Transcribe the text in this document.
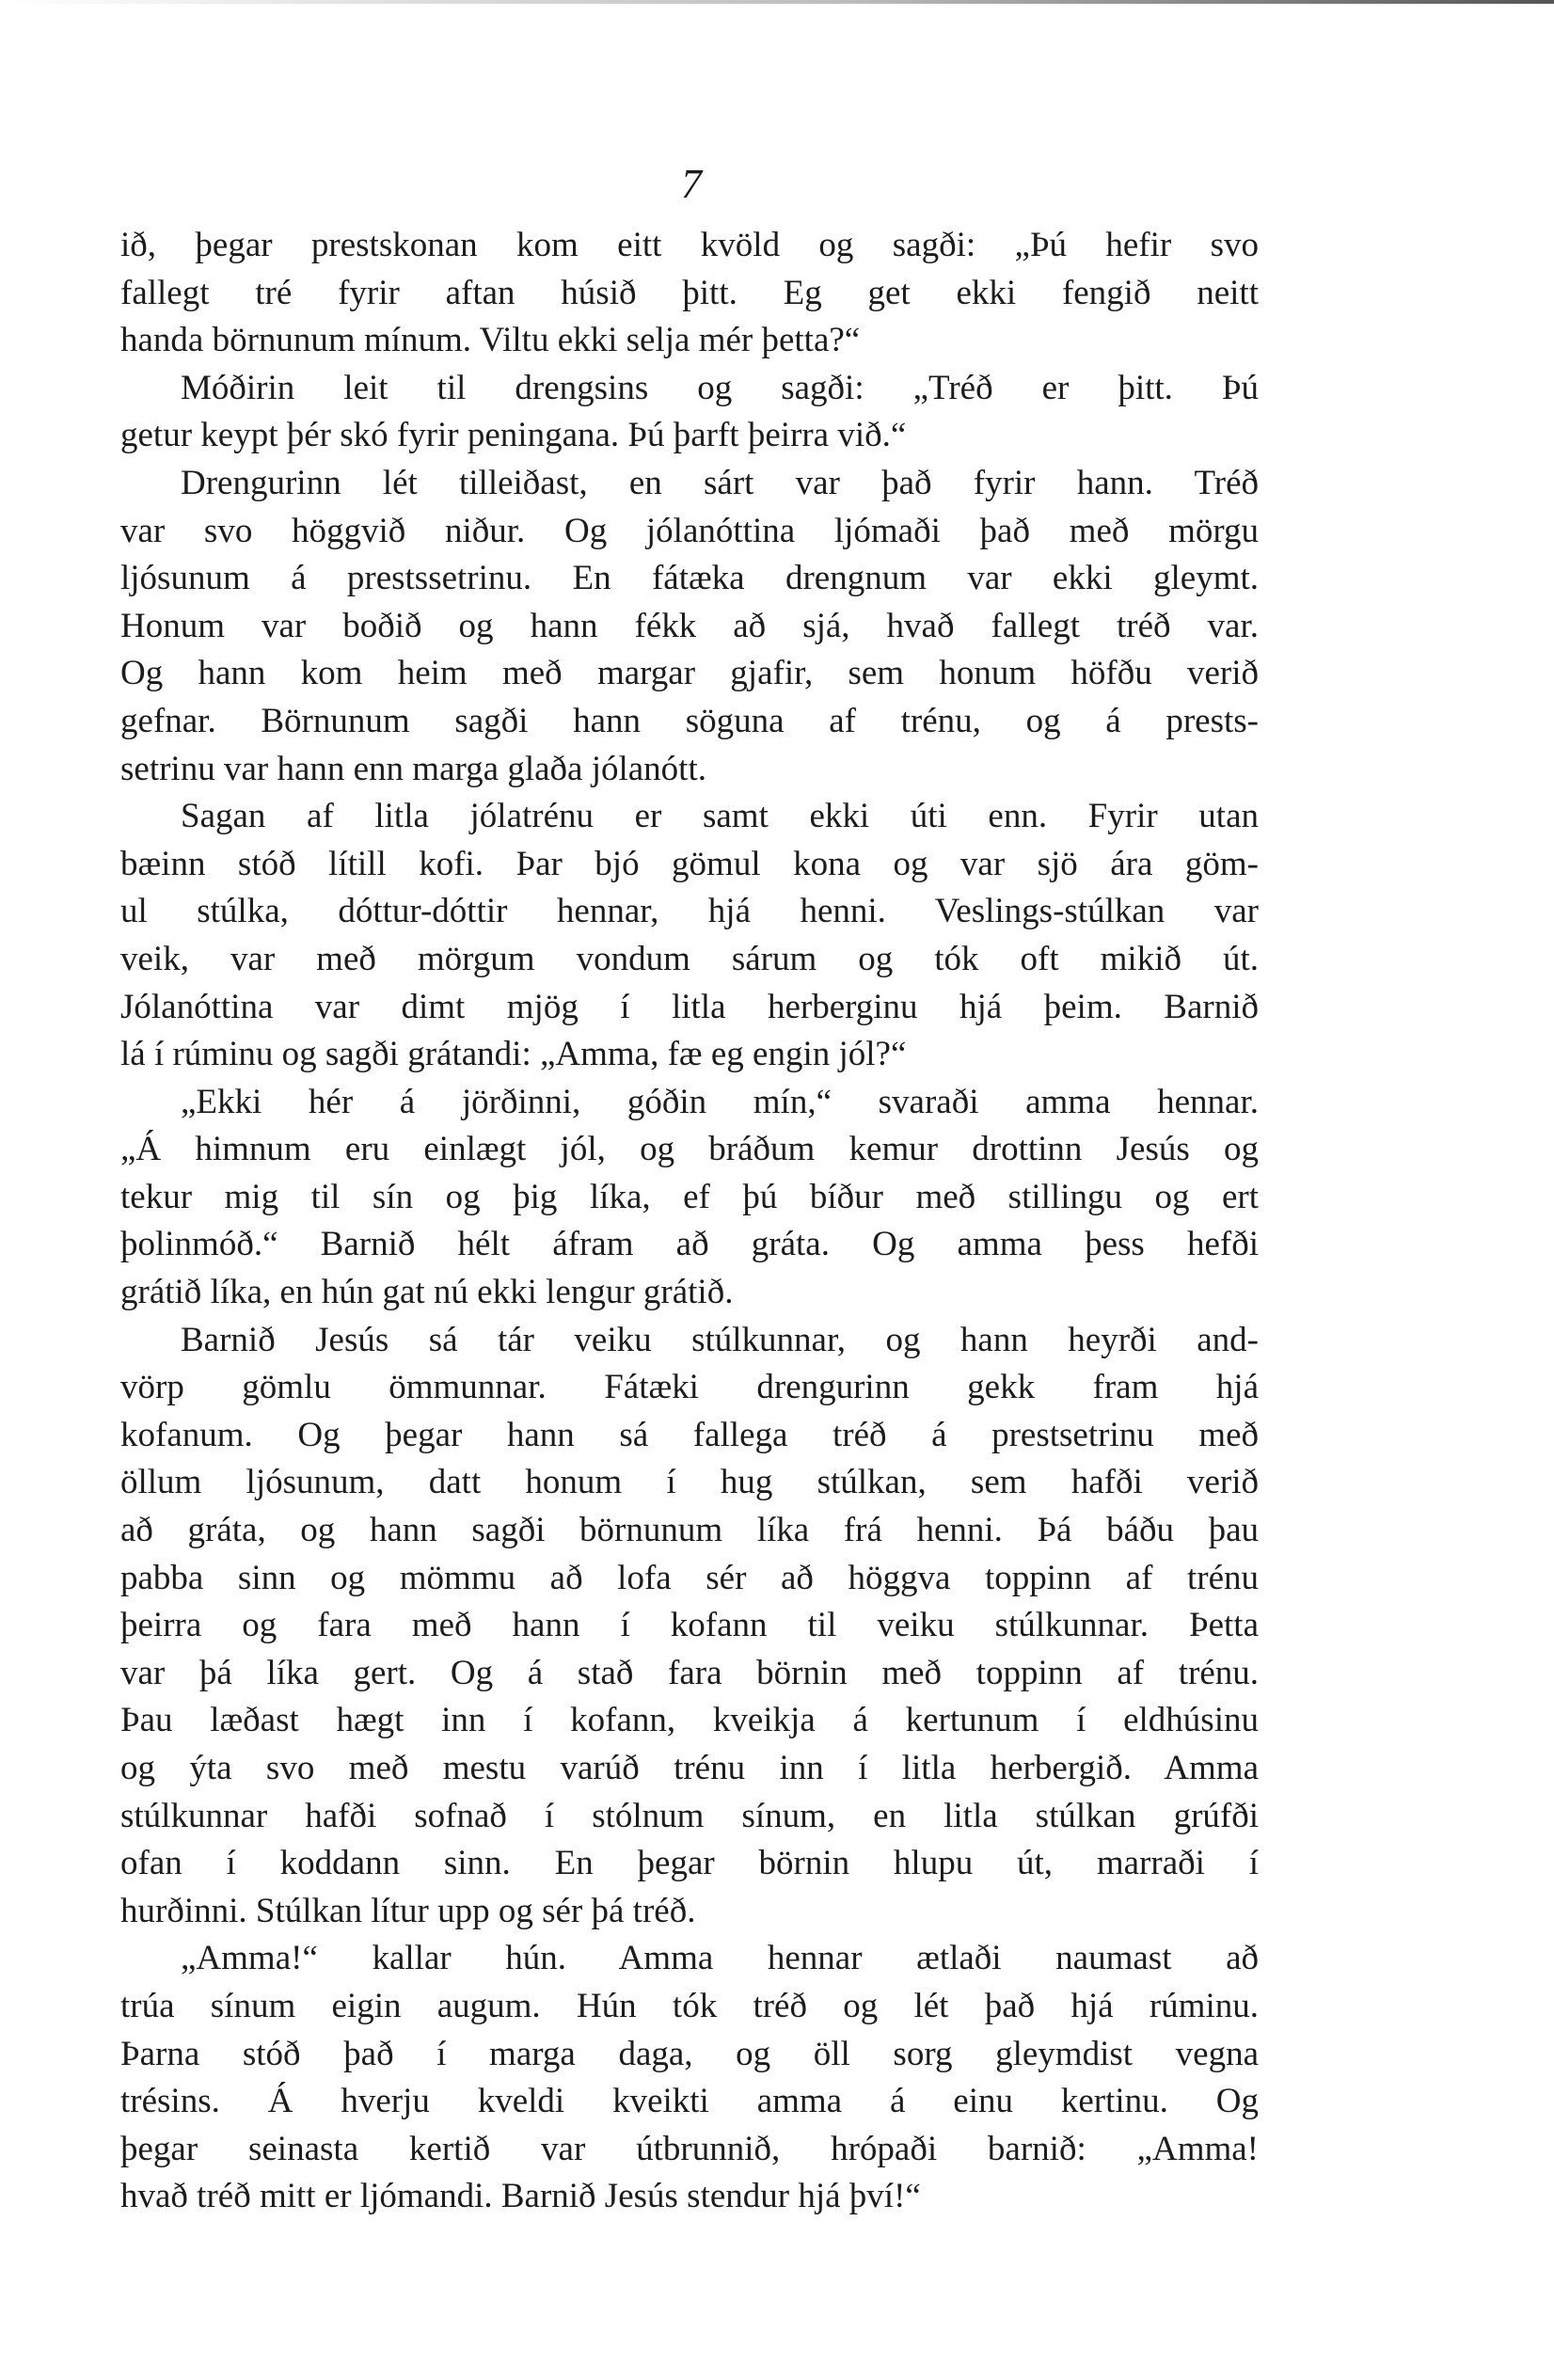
7
ið, þegar prestskonan kom eitt kvöld og sagði: „Þú hefir svo
fallegt tré fyrir aftan húsið þitt. Eg get ekki fengið neitt
handa börnunum mínum. Viltu ekki selja mér þetta?“
Móðirin leit til drengsins og sagði: „Tréð er þitt. Þú
getur keypt þér skó fyrir peningana. Þú þarft þeirra við.“
Drengurinn lét tilleiðast, en sárt var það fyrir hann. Tréð
var svo höggvið niður. Og jólanóttina ljómaði það með mörgu
ljósunum á prestssetrinu. En fátæka drengnum var ekki gleymt.
Honum var boðið og hann fékk að sjá, hvað fallegt tréð var.
Og hann kom heim með margar gjafir, sem honum höfðu verið
gefnar. Börnunum sagði hann söguna af trénu, og á prests-
setrinu var hann enn marga glaða jólanótt.
Sagan af litla jólatrénu er samt ekki úti enn. Fyrir utan
bæinn stóð lítill kofi. Þar bjó gömul kona og var sjö ára göm-
ul stúlka, dóttur-dóttir hennar, hjá henni. Veslings-stúlkan var
veik, var með mörgum vondum sárum og tók oft mikið út.
Jólanóttina var dimt mjög í litla herberginu hjá þeim. Barnið
lá í rúminu og sagði grátandi: „Amma, fæ eg engin jól?“
„Ekki hér á jörðinni, góðin mín,“ svaraði amma hennar.
„Á himnum eru einlægt jól, og bráðum kemur drottinn Jesús og
tekur mig til sín og þig líka, ef þú bíður með stillingu og ert
þolinmóð.“ Barnið hélt áfram að gráta. Og amma þess hefði
grátið líka, en hún gat nú ekki lengur grátið.
Barnið Jesús sá tár veiku stúlkunnar, og hann heyrði and-
vörp gömlu ömmunnar. Fátæki drengurinn gekk fram hjá
kofanum. Og þegar hann sá fallega tréð á prestsetrinu með
öllum ljósunum, datt honum í hug stúlkan, sem hafði verið
að gráta, og hann sagði börnunum líka frá henni. Þá báðu þau
pabba sinn og mömmu að lofa sér að höggva toppinn af trénu
þeirra og fara með hann í kofann til veiku stúlkunnar. Þetta
var þá líka gert. Og á stað fara börnin með toppinn af trénu.
Þau læðast hægt inn í kofann, kveikja á kertunum í eldhúsinu
og ýta svo með mestu varúð trénu inn í litla herbergið. Amma
stúlkunnar hafði sofnað í stólnum sínum, en litla stúlkan grúfði
ofan í koddann sinn. En þegar börnin hlupu út, marraði í
hurðinni. Stúlkan lítur upp og sér þá tréð.
„Amma!“ kallar hún. Amma hennar ætlaði naumast að
trúa sínum eigin augum. Hún tók tréð og lét það hjá rúminu.
Þarna stóð það í marga daga, og öll sorg gleymdist vegna
trésins. Á hverju kveldi kveikti amma á einu kertinu. Og
þegar seinasta kertið var útbrunnið, hrópaði barnið: „Amma!
hvað tréð mitt er ljómandi. Barnið Jesús stendur hjá því!“
